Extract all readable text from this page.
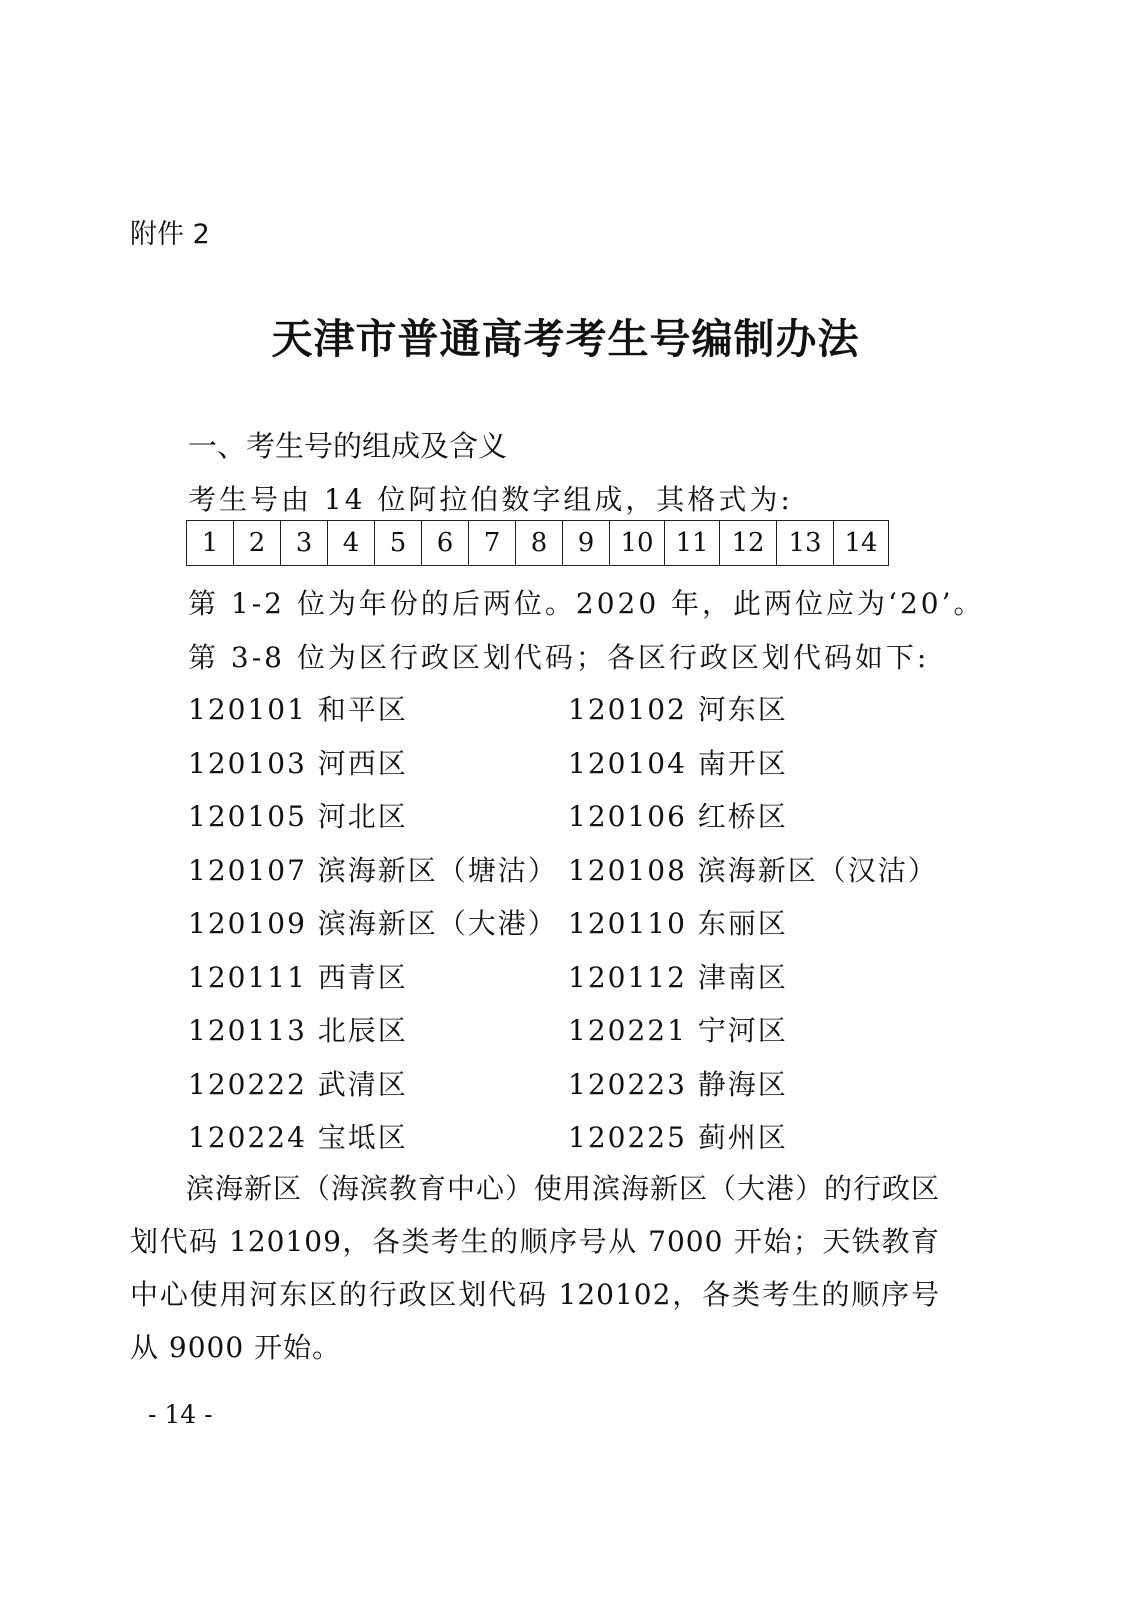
附件 2
天津市普通高考考生号编制办法
一、考生号的组成及含义
考生号由 14 位阿拉伯数字组成，其格式为:
1	2	3	4	5	6	7	8	9	10	11	12	13	14
第 1-2 位为年份的后两位。2020 年，此两位应为‘20’。
第 3-8 位为区行政区划代码；各区行政区划代码如下:
120101 和平区	120102 河东区
120103 河西区	120104 南开区
120105 河北区	120106 红桥区
120107 滨海新区（塘沽） 120108 滨海新区（汉沽）
120109 滨海新区（大港） 120110 东丽区
120111 西青区	120112 津南区
120113 北辰区	120221 宁河区
120222 武清区	120223 静海区
120224 宝坻区	120225 蓟州区
滨海新区（海滨教育中心）使用滨海新区（大港）的行政区划代码 120109，各类考生的顺序号从 7000 开始；天铁教育中心使用河东区的行政区划代码 120102，各类考生的顺序号从 9000 开始。
- 14 -
